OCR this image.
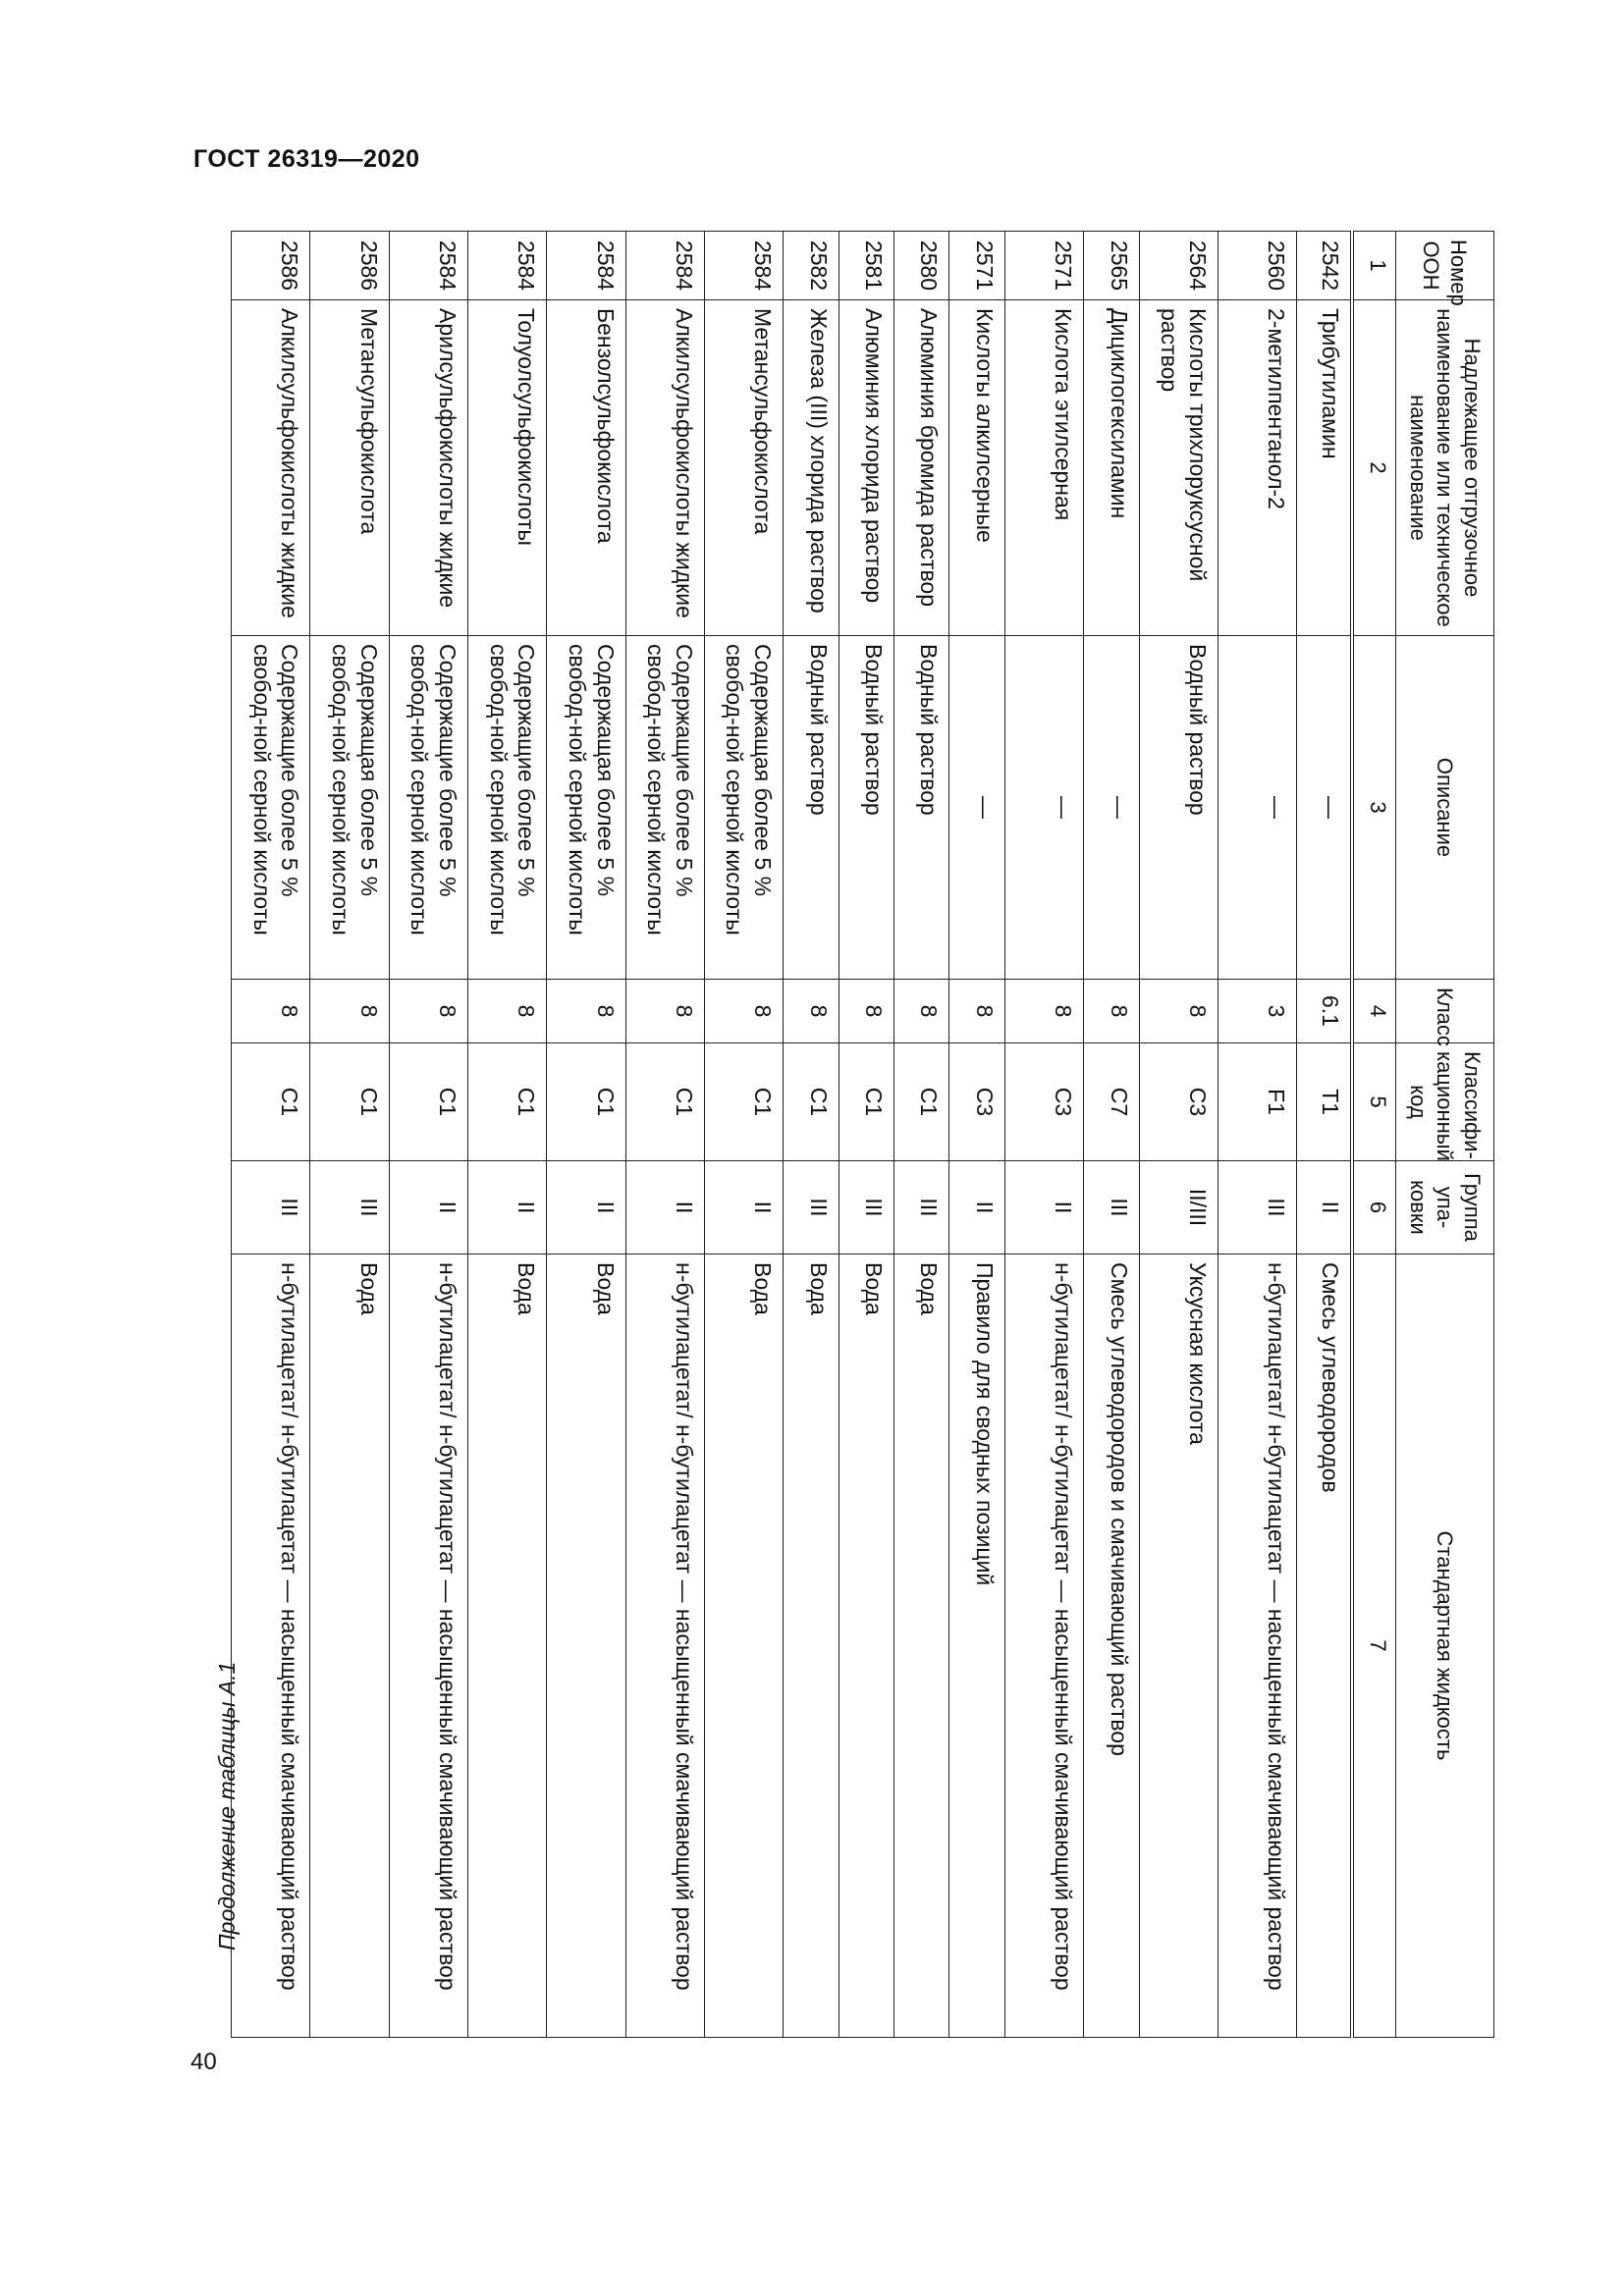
ГОСТ 26319—2020
Продолжение таблицы А.1
40
Номер ООН	Надлежащее отгрузочное наименование или техническое наименование	Описание	Класс	Классифи-кационный код	Группа упа-ковки	Стандартная жидкость
1	2	3	4	5	6	7
2542	Трибутиламин	—	6.1	T1	II	Смесь углеводородов
2560	2-метилпентанол-2	—	3	F1	III	н-бутилацетат/ н-бутилацетат — насыщенный смачивающий раствор
2564	Кислоты трихлоруксусной раствор	Водный раствор	8	C3	II/III	Уксусная кислота
2565	Дициклогексиламин	—	8	C7	III	Смесь углеводородов и смачивающий раствор
2571	Кислота этилсерная	—	8	C3	II	н-бутилацетат/ н-бутилацетат — насыщенный смачивающий раствор
2571	Кислоты алкилсерные	—	8	C3	II	Правило для сводных позиций
2580	Алюминия бромида раствор	Водный раствор	8	C1	III	Вода
2581	Алюминия хлорида раствор	Водный раствор	8	C1	III	Вода
2582	Железа (III) хлорида раствор	Водный раствор	8	C1	III	Вода
2584	Метансульфокислота	Содержащая более 5 % свобод-ной серной кислоты	8	C1	II	Вода
2584	Алкилсульфокислоты жидкие	Содержащие более 5 % свобод-ной серной кислоты	8	C1	II	н-бутилацетат/ н-бутилацетат — насыщенный смачивающий раствор
2584	Бензолсульфокислота	Содержащая более 5 % свобод-ной серной кислоты	8	C1	II	Вода
2584	Толуолсульфокислоты	Содержащие более 5 % свобод-ной серной кислоты	8	C1	II	Вода
2584	Арилсульфокислоты жидкие	Содержащие более 5 % свобод-ной серной кислоты	8	C1	II	н-бутилацетат/ н-бутилацетат — насыщенный смачивающий раствор
2586	Метансульфокислота	Содержащая более 5 % свобод-ной серной кислоты	8	C1	III	Вода
2586	Алкилсульфокислоты жидкие	Содержащие более 5 % свобод-ной серной кислоты	8	C1	III	н-бутилацетат/ н-бутилацетат — насыщенный смачивающий раствор
